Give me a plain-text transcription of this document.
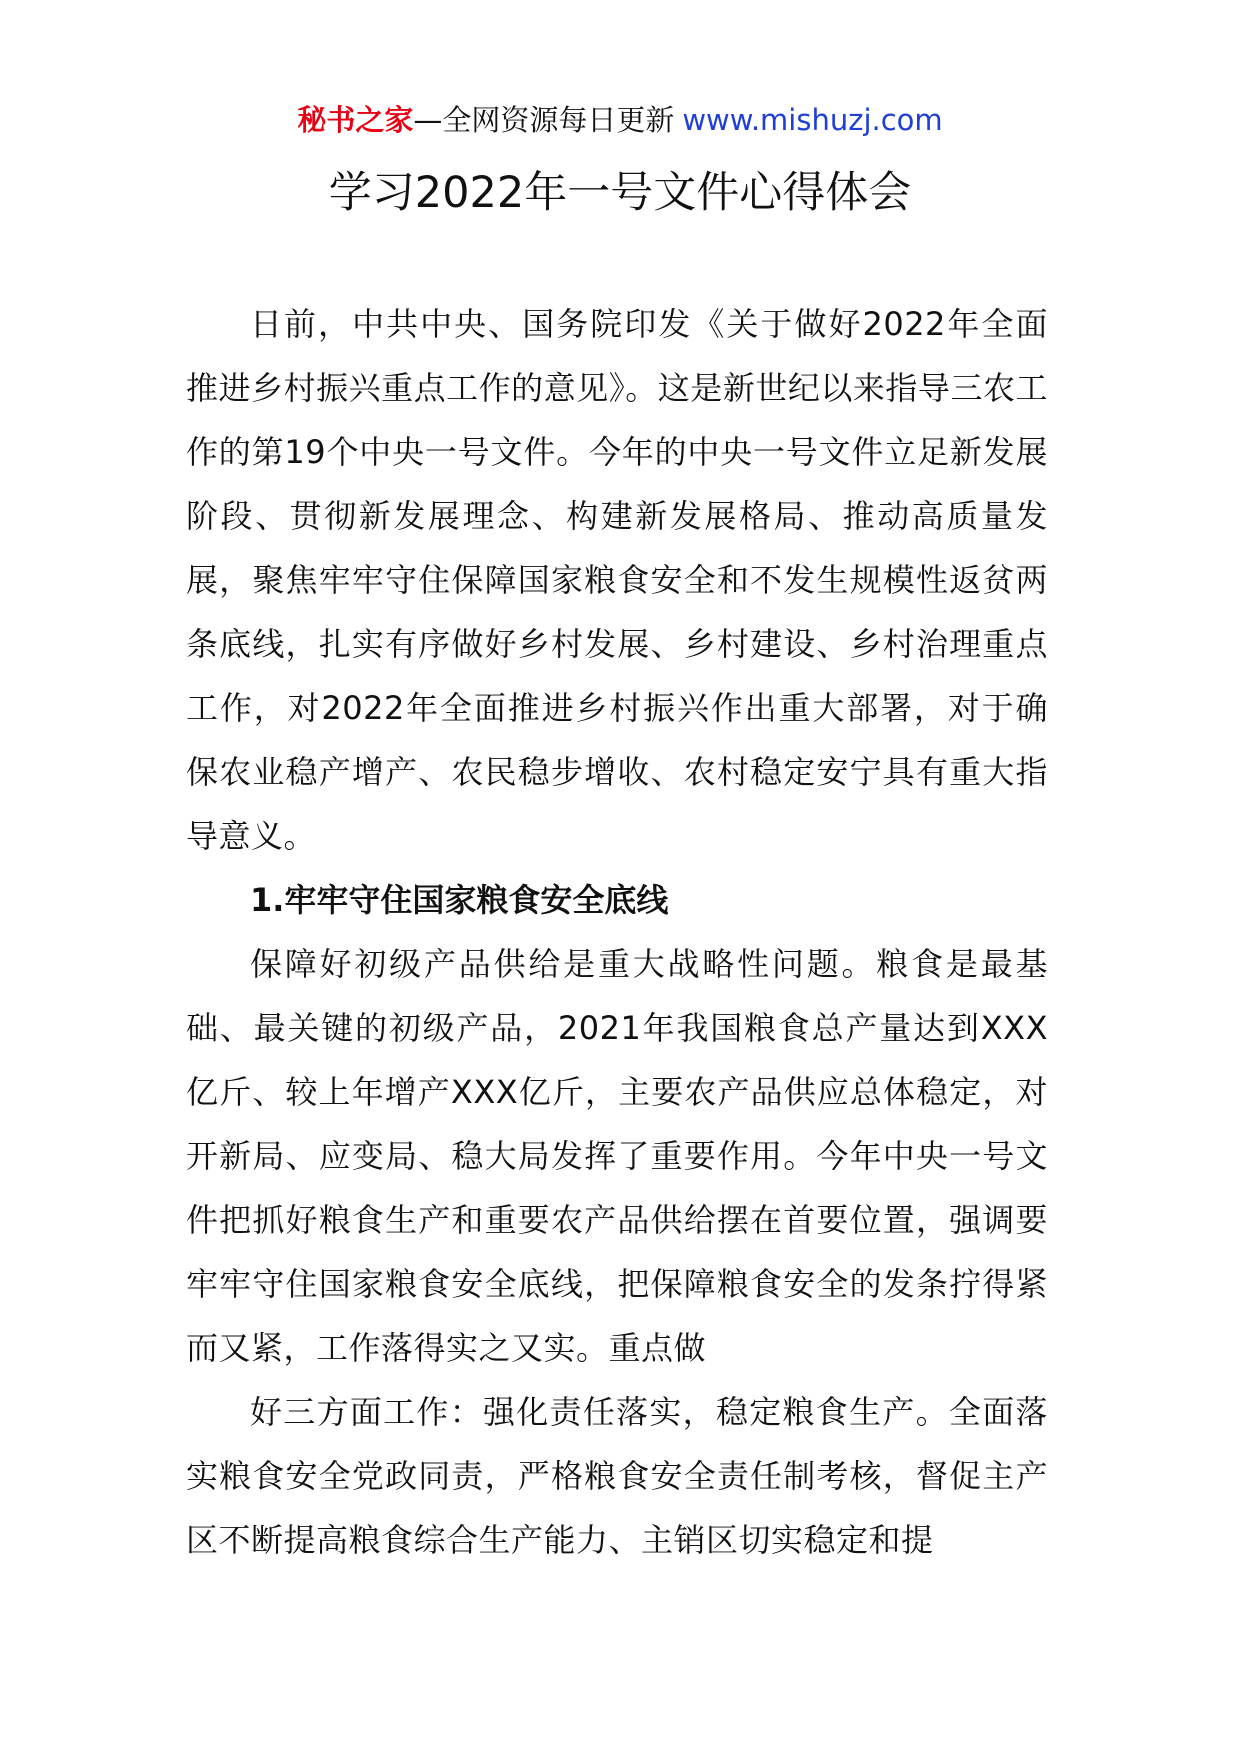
秘书之家—全网资源每日更新 www.mishuzj.com
学习2022年一号文件心得体会

日前，中共中央、国务院印发《关于做好2022年全面推进乡村振兴重点工作的意见》。这是新世纪以来指导三农工作的第19个中央一号文件。今年的中央一号文件立足新发展阶段、贯彻新发展理念、构建新发展格局、推动高质量发展，聚焦牢牢守住保障国家粮食安全和不发生规模性返贫两条底线，扎实有序做好乡村发展、乡村建设、乡村治理重点工作，对2022年全面推进乡村振兴作出重大部署，对于确保农业稳产增产、农民稳步增收、农村稳定安宁具有重大指导意义。

1.牢牢守住国家粮食安全底线

保障好初级产品供给是重大战略性问题。粮食是最基础、最关键的初级产品，2021年我国粮食总产量达到XXX亿斤、较上年增产XXX亿斤，主要农产品供应总体稳定，对开新局、应变局、稳大局发挥了重要作用。今年中央一号文件把抓好粮食生产和重要农产品供给摆在首要位置，强调要牢牢守住国家粮食安全底线，把保障粮食安全的发条拧得紧而又紧，工作落得实之又实。重点做

好三方面工作：强化责任落实，稳定粮食生产。全面落实粮食安全党政同责，严格粮食安全责任制考核，督促主产区不断提高粮食综合生产能力、主销区切实稳定和提
